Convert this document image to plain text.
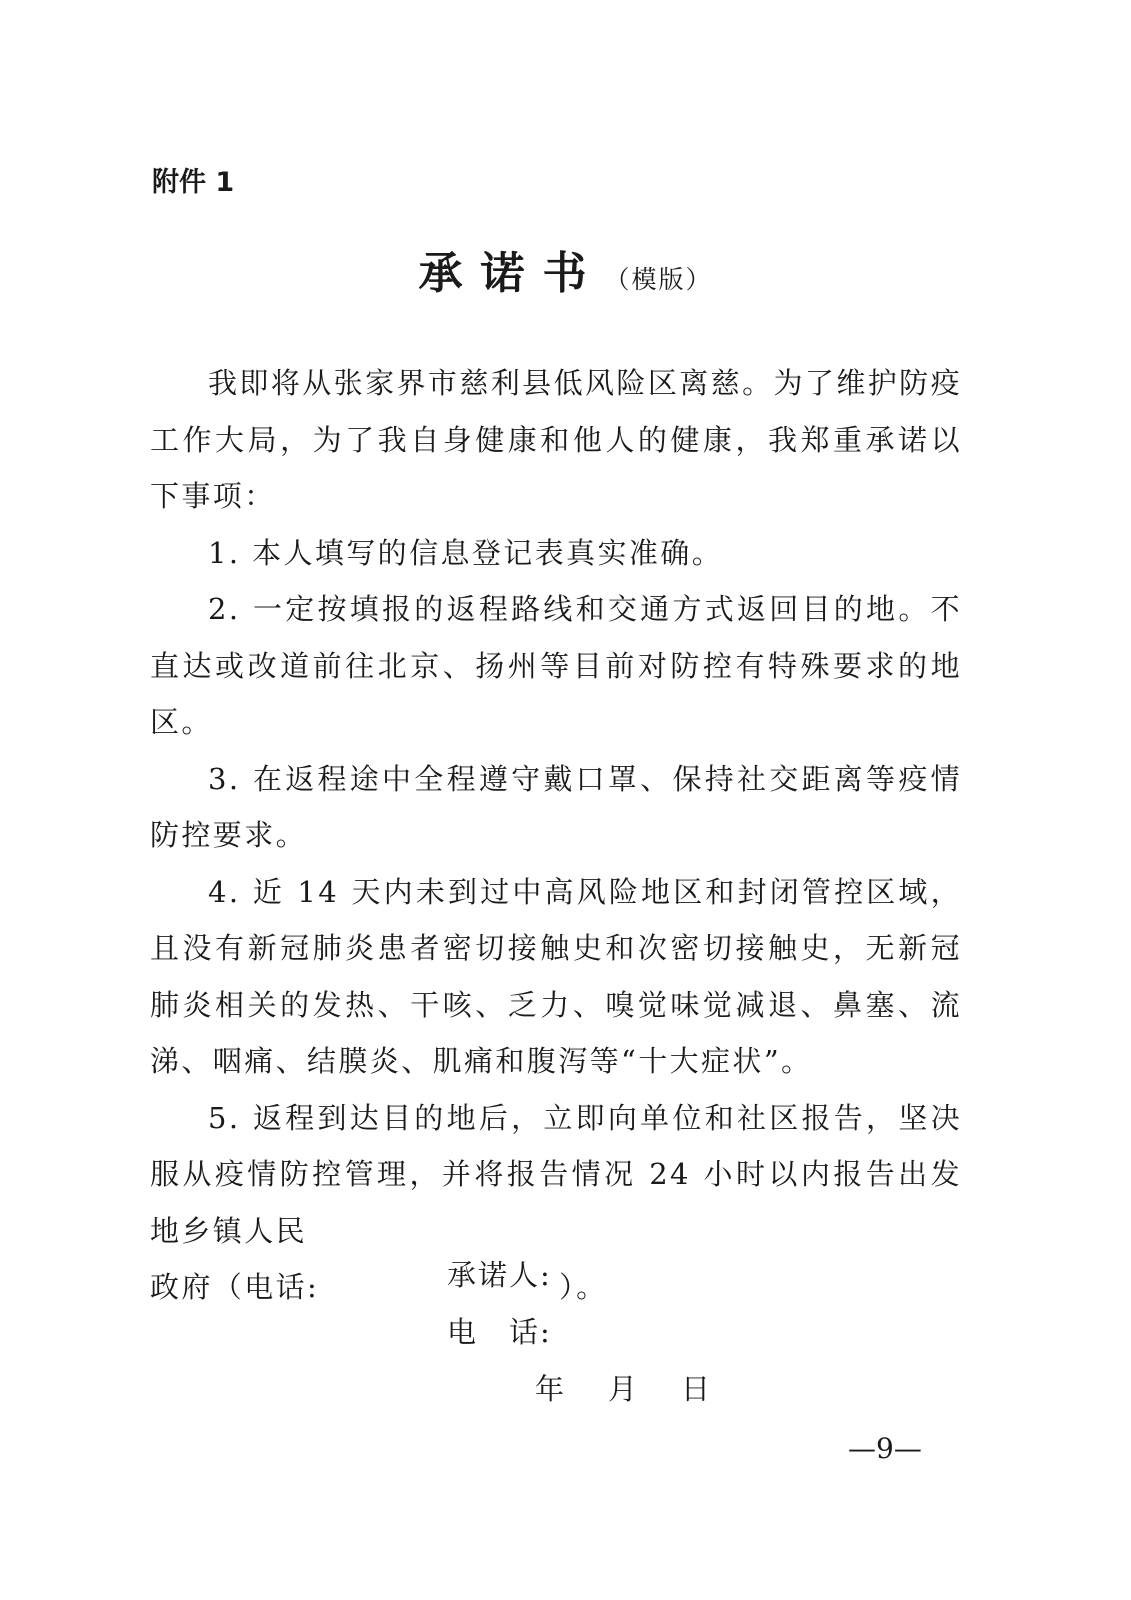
附件 1

承诺书（模版）

我即将从张家界市慈利县低风险区离慈。为了维护防疫工作大局，为了我自身健康和他人的健康，我郑重承诺以下事项：

1. 本人填写的信息登记表真实准确。

2. 一定按填报的返程路线和交通方式返回目的地。不直达或改道前往北京、扬州等目前对防控有特殊要求的地区。

3. 在返程途中全程遵守戴口罩、保持社交距离等疫情防控要求。

4. 近 14 天内未到过中高风险地区和封闭管控区域，且没有新冠肺炎患者密切接触史和次密切接触史，无新冠肺炎相关的发热、干咳、乏力、嗅觉味觉减退、鼻塞、流涕、咽痛、结膜炎、肌痛和腹泻等“十大症状”。

5. 返程到达目的地后，立即向单位和社区报告，坚决服从疫情防控管理，并将报告情况 24 小时以内报告出发地乡镇人民

政府（电话:	）。

承诺人:

电　话:

年 月 日

—9—
